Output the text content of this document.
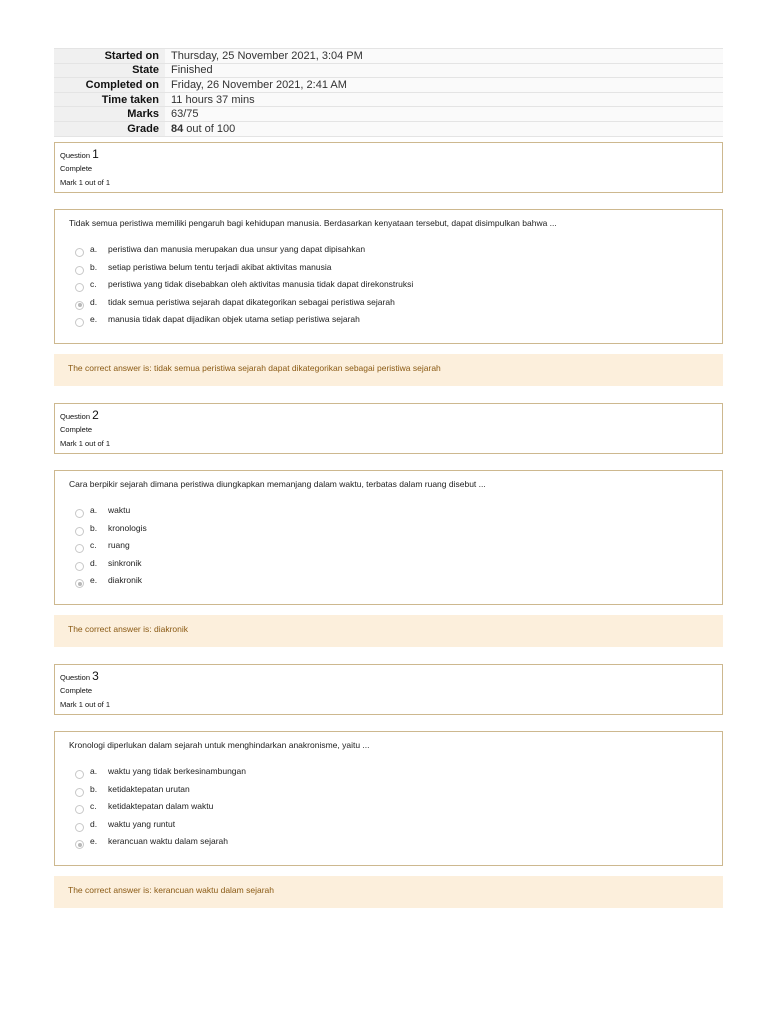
Started on	Thursday, 25 November 2021, 3:04 PM
State	Finished
Completed on	Friday, 26 November 2021, 2:41 AM
Time taken	11 hours 37 mins
Marks	63/75
Grade	84 out of 100
Question 1
Complete
Mark 1 out of 1
Tidak semua peristiwa memiliki pengaruh bagi kehidupan manusia. Berdasarkan kenyataan tersebut, dapat disimpulkan bahwa ...
a. peristiwa dan manusia merupakan dua unsur yang dapat dipisahkan
b. setiap peristiwa belum tentu terjadi akibat aktivitas manusia
c. peristiwa yang tidak disebabkan oleh aktivitas manusia tidak dapat direkonstruksi
d. tidak semua peristiwa sejarah dapat dikategorikan sebagai peristiwa sejarah
e. manusia tidak dapat dijadikan objek utama setiap peristiwa sejarah
The correct answer is: tidak semua peristiwa sejarah dapat dikategorikan sebagai peristiwa sejarah
Question 2
Complete
Mark 1 out of 1
Cara berpikir sejarah dimana peristiwa diungkapkan memanjang dalam waktu, terbatas dalam ruang disebut ...
a. waktu
b. kronologis
c. ruang
d. sinkronik
e. diakronik
The correct answer is: diakronik
Question 3
Complete
Mark 1 out of 1
Kronologi diperlukan dalam sejarah untuk menghindarkan anakronisme, yaitu ...
a. waktu yang tidak berkesinambungan
b. ketidaktepatan urutan
c. ketidaktepatan dalam waktu
d. waktu yang runtut
e. kerancuan waktu dalam sejarah
The correct answer is: kerancuan waktu dalam sejarah
